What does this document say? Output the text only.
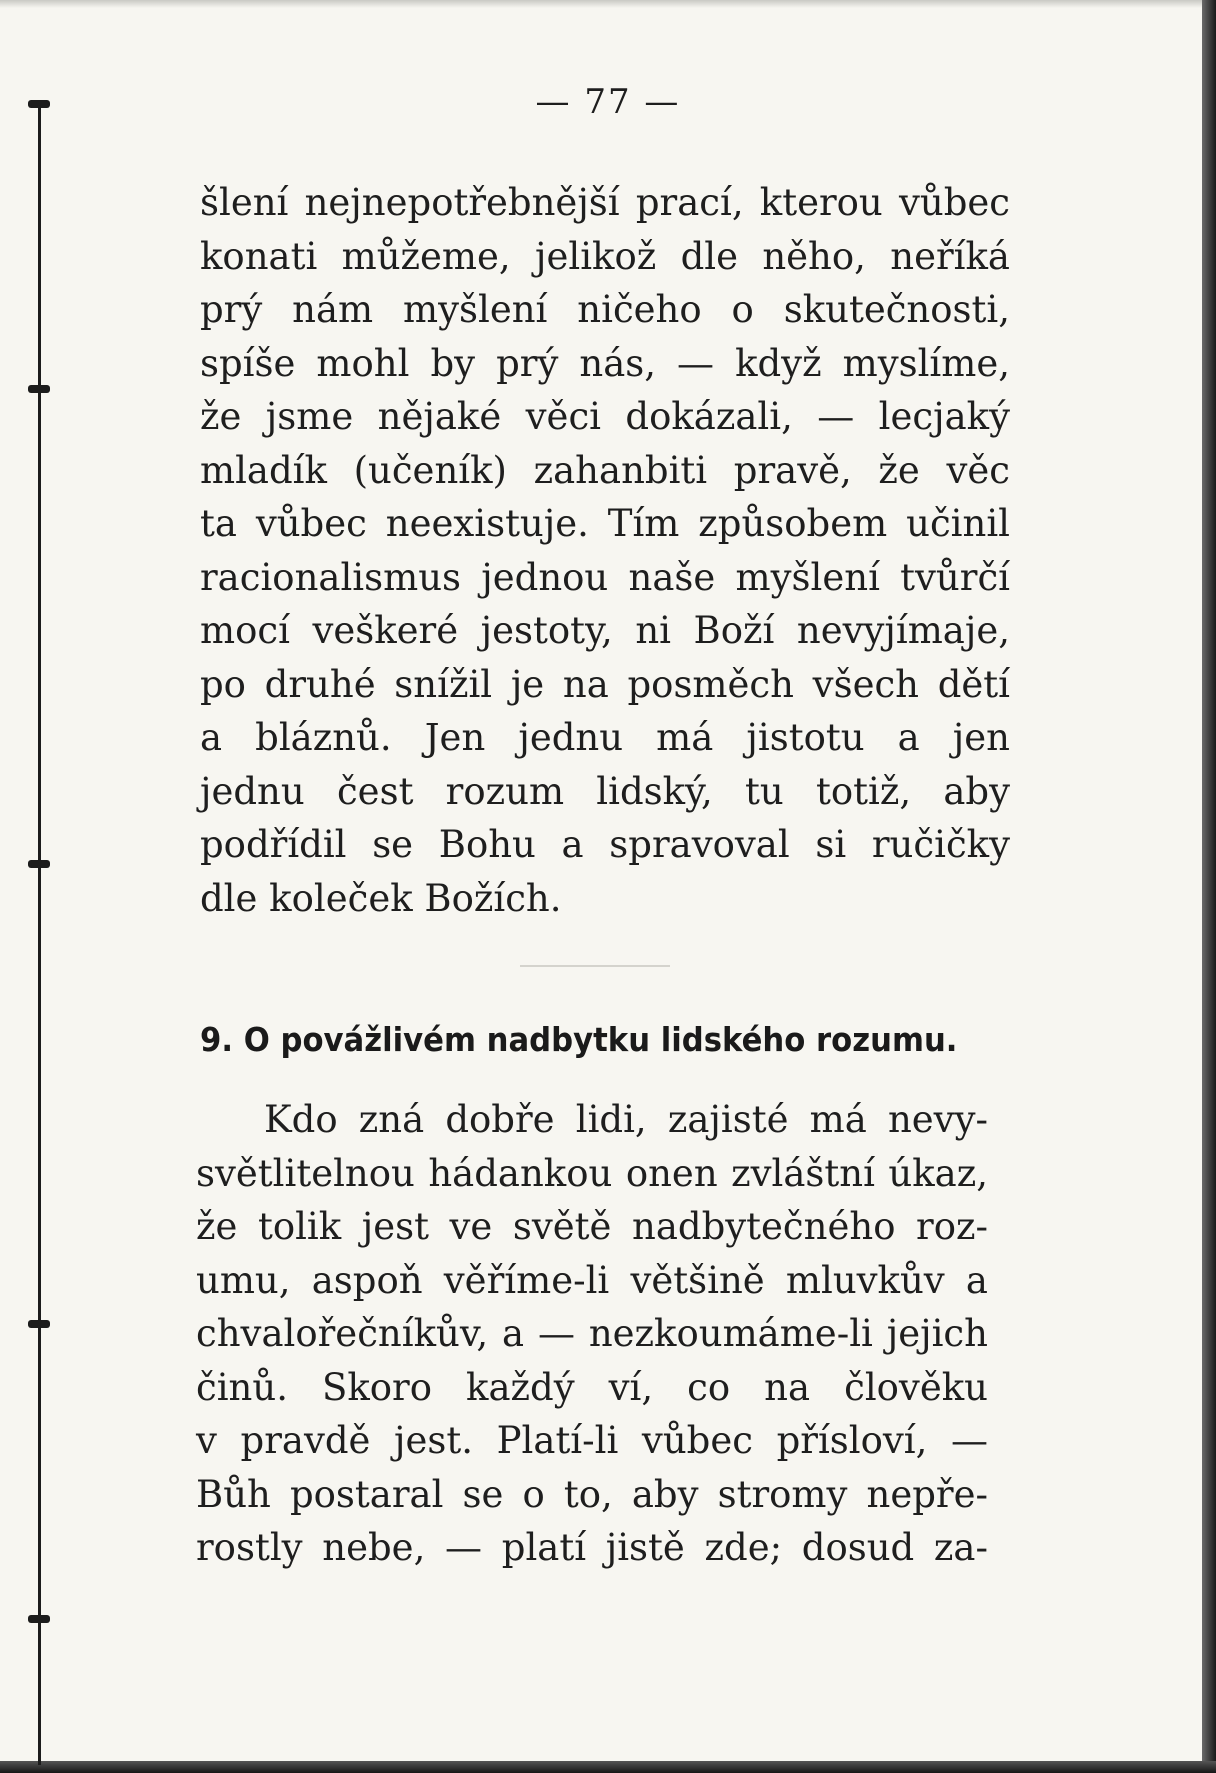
— 77 —
šlení nejnepotřebnější prací, kterou vůbec
konati můžeme, jelikož dle něho, neříká
prý nám myšlení ničeho o skutečnosti,
spíše mohl by prý nás, — když myslíme,
že jsme nějaké věci dokázali, — lecjaký
mladík (učeník) zahanbiti pravě, že věc
ta vůbec neexistuje. Tím způsobem učinil
racionalismus jednou naše myšlení tvůrčí
mocí veškeré jestoty, ni Boží nevyjímaje,
po druhé snížil je na posměch všech dětí
a bláznů. Jen jednu má jistotu a jen
jednu čest rozum lidský, tu totiž, aby
podřídil se Bohu a spravoval si ručičky
dle koleček Božích.
9. O povážlivém nadbytku lidského rozumu.
Kdo zná dobře lidi, zajisté má nevy-
světlitelnou hádankou onen zvláštní úkaz,
že tolik jest ve světě nadbytečného roz-
umu, aspoň věříme-li většině mluvkův a
chvalořečníkův, a — nezkoumáme-li jejich
činů. Skoro každý ví, co na člověku
v pravdě jest. Platí-li vůbec přísloví, —
Bůh postaral se o to, aby stromy nepře-
rostly nebe, — platí jistě zde; dosud za-
